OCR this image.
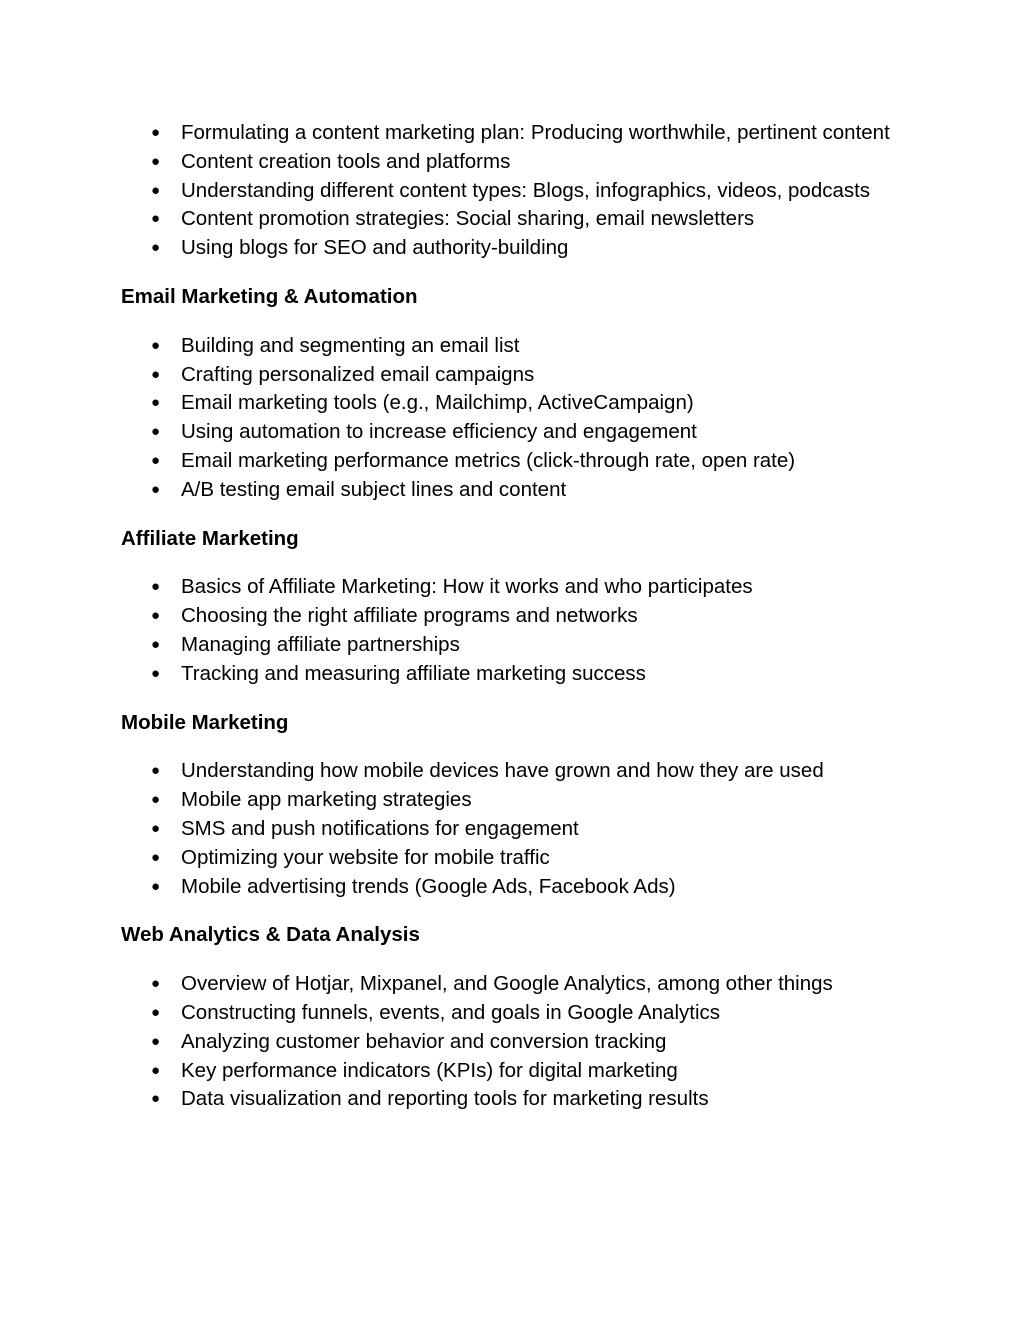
● Formulating a content marketing plan: Producing worthwhile, pertinent content
● Content creation tools and platforms
● Understanding different content types: Blogs, infographics, videos, podcasts
● Content promotion strategies: Social sharing, email newsletters
● Using blogs for SEO and authority-building
Email Marketing & Automation
● Building and segmenting an email list
● Crafting personalized email campaigns
● Email marketing tools (e.g., Mailchimp, ActiveCampaign)
● Using automation to increase efficiency and engagement
● Email marketing performance metrics (click-through rate, open rate)
● A/B testing email subject lines and content
Affiliate Marketing
● Basics of Affiliate Marketing: How it works and who participates
● Choosing the right affiliate programs and networks
● Managing affiliate partnerships
● Tracking and measuring affiliate marketing success
Mobile Marketing
● Understanding how mobile devices have grown and how they are used
● Mobile app marketing strategies
● SMS and push notifications for engagement
● Optimizing your website for mobile traffic
● Mobile advertising trends (Google Ads, Facebook Ads)
Web Analytics & Data Analysis
● Overview of Hotjar, Mixpanel, and Google Analytics, among other things
● Constructing funnels, events, and goals in Google Analytics
● Analyzing customer behavior and conversion tracking
● Key performance indicators (KPIs) for digital marketing
● Data visualization and reporting tools for marketing results
